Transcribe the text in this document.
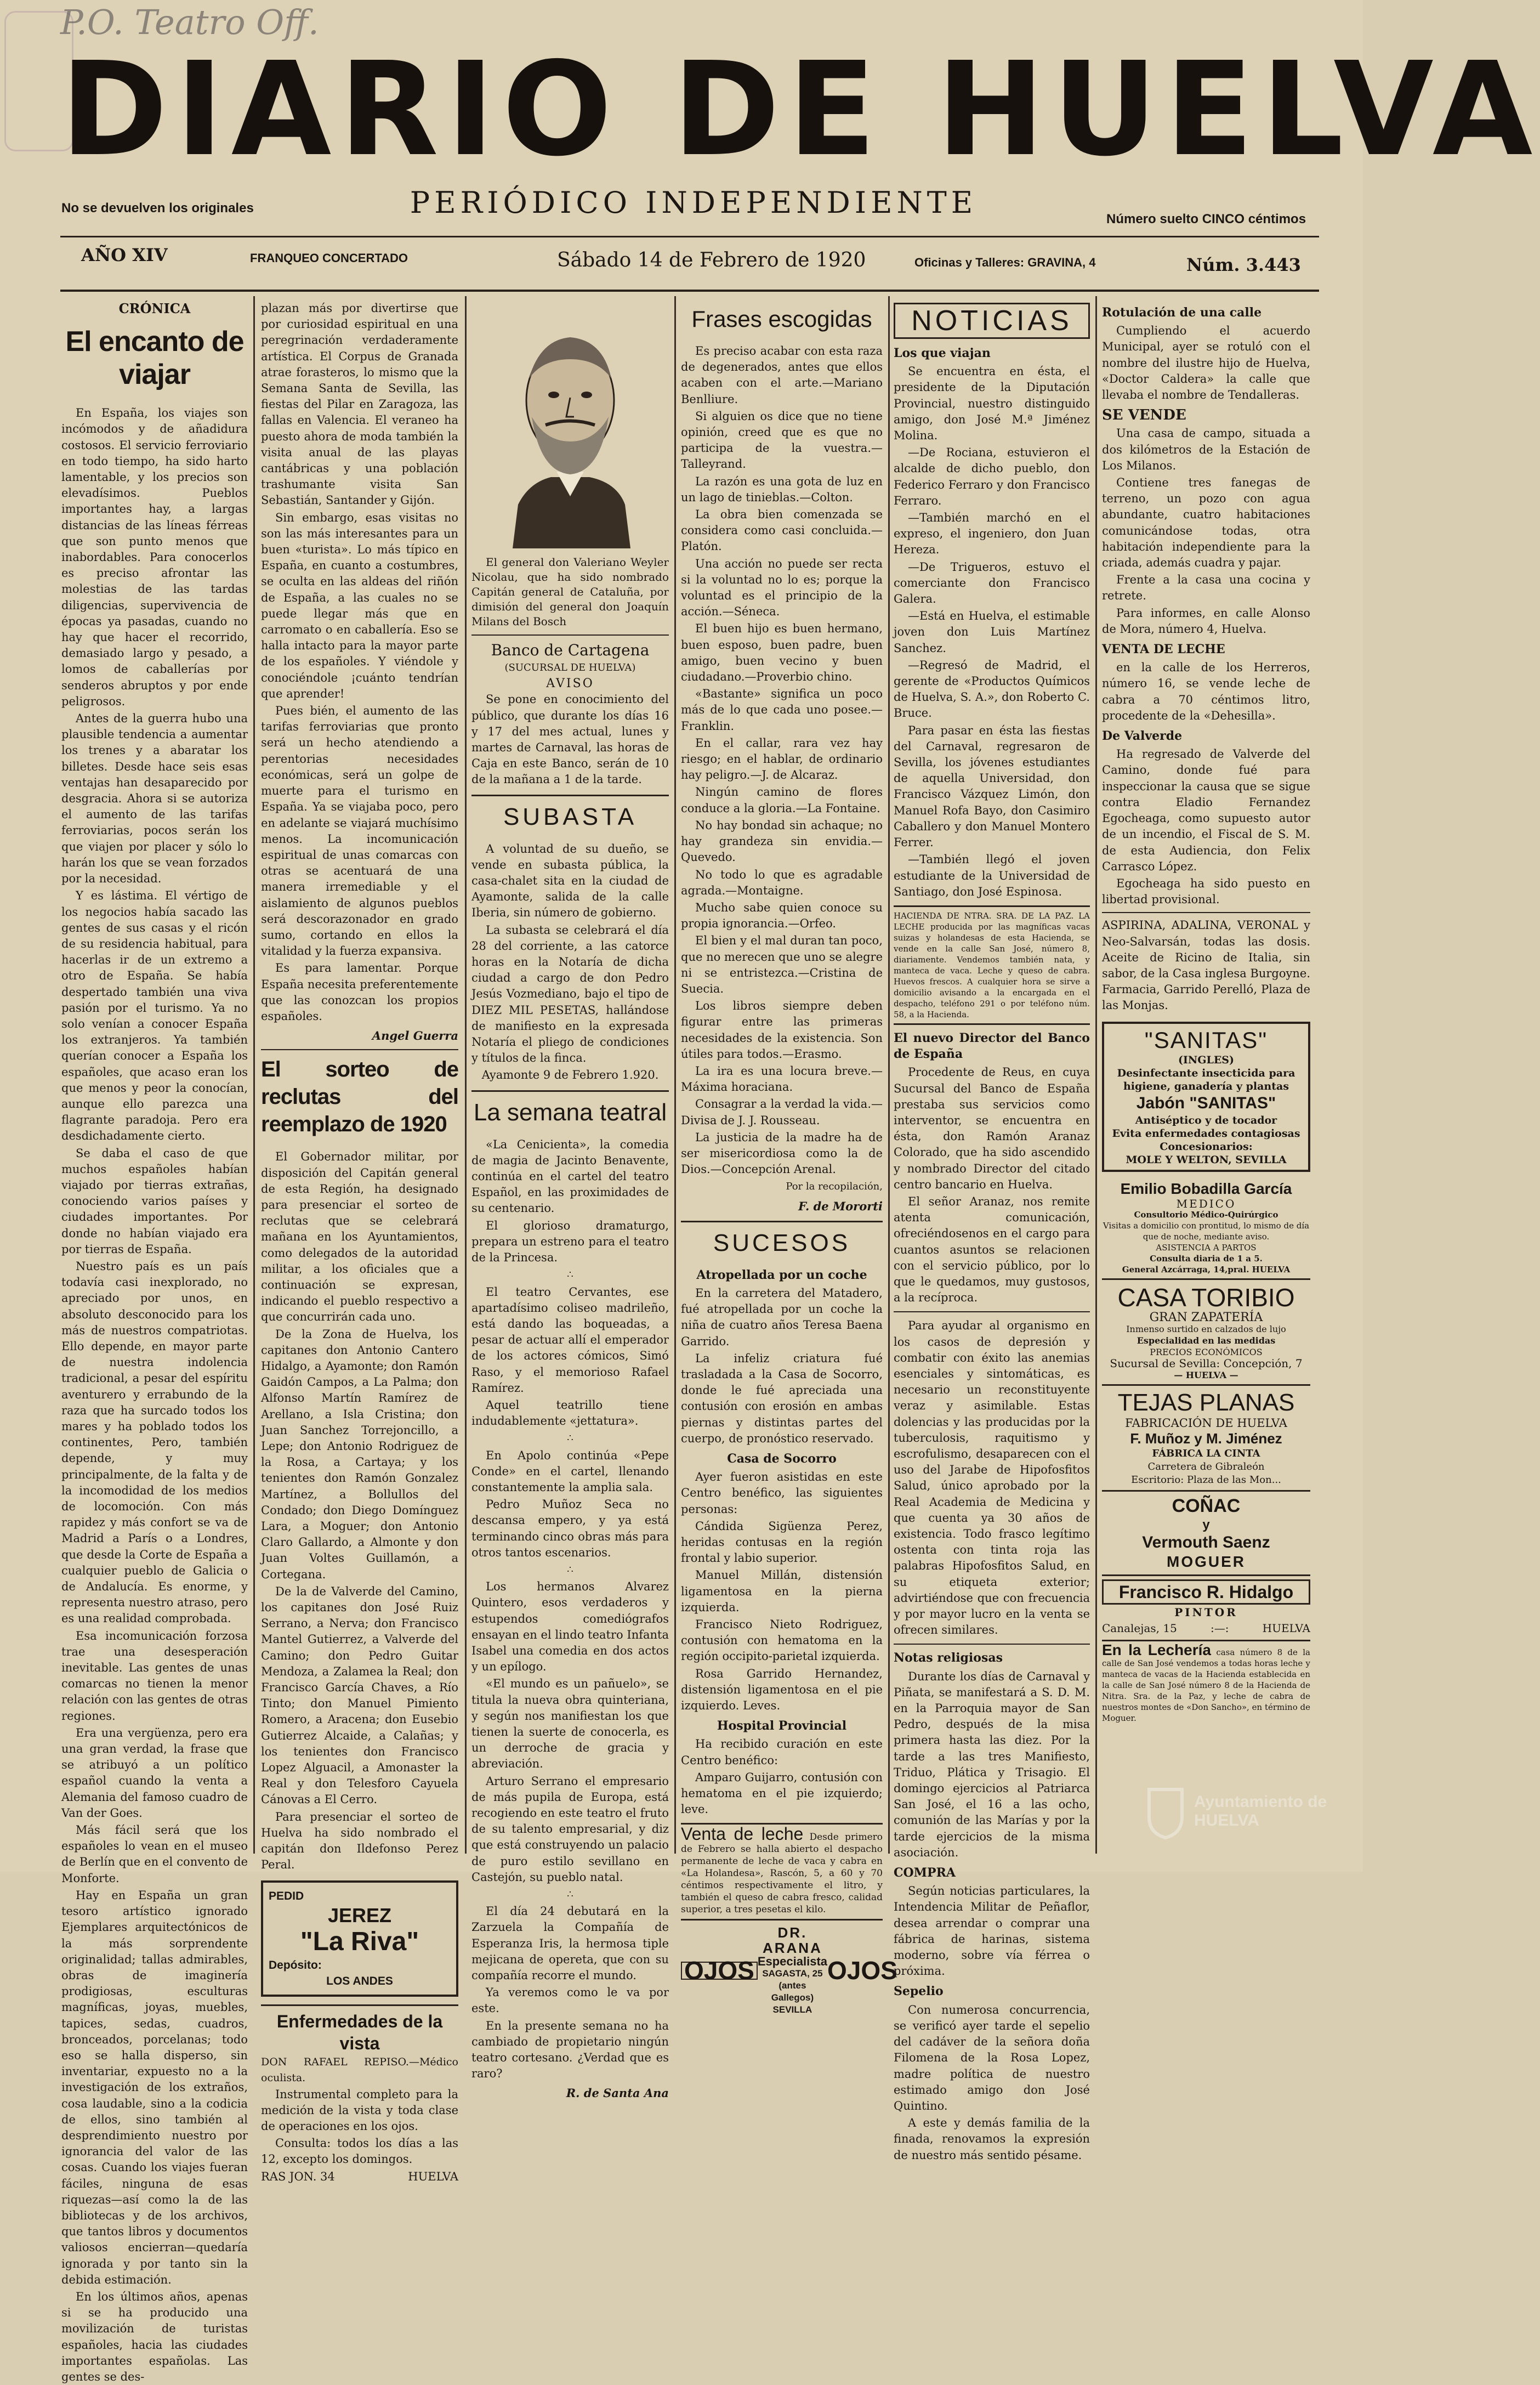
P.O. Teatro Off.
DIARIO DE HUELVA
PERIÓDICO INDEPENDIENTE
No se devuelven los originales
Número suelto CINCO céntimos
AÑO XIV	FRANQUEO CONCERTADO	Sábado 14 de Febrero de 1920	Oficinas y Talleres: GRAVINA, 4	Núm. 3.443
CRÓNICA
El encanto de viajar

En España, los viajes son incómodos y de añadidura costosos. El servicio ferroviario en todo tiempo, ha sido harto lamentable, y los precios son elevadísimos. Pueblos importantes hay, a largas distancias de las líneas férreas que son punto menos que inabordables. Para conocerlos es preciso afrontar las molestias de las tardas diligencias, supervivencia de épocas ya pasadas, cuando no hay que hacer el recorrido, demasiado largo y pesado, a lomos de caballerías por senderos abruptos y por ende peligrosos.

Antes de la guerra hubo una plausible tendencia a aumentar los trenes y a abaratar los billetes. Desde hace seis esas ventajas han desaparecido por desgracia. Ahora si se autoriza el aumento de las tarifas ferroviarias, pocos serán los que viajen por placer y sólo lo harán los que se vean forzados por la necesidad.

Y es lástima. El vértigo de los negocios había sacado las gentes de sus casas y el ricón de su residencia habitual, para hacerlas ir de un extremo a otro de España. Se había despertado también una viva pasión por el turismo. Ya no solo venían a conocer España los extranjeros. Ya también querían conocer a España los españoles, que acaso eran los que menos y peor la conocían, aunque ello parezca una flagrante paradoja. Pero era desdichadamente cierto.

Se daba el caso de que muchos españoles habían viajado por tierras extrañas, conociendo varios países y ciudades importantes. Por donde no habían viajado era por tierras de España.

Nuestro país es un país todavía casi inexplorado, no apreciado por unos, en absoluto desconocido para los más de nuestros compatriotas. Ello depende, en mayor parte de nuestra indolencia tradicional, a pesar del espíritu aventurero y errabundo de la raza que ha surcado todos los mares y ha poblado todos los continentes, Pero, también depende, y muy principalmente, de la falta y de la incomodidad de los medios de locomoción. Con más rapidez y más confort se va de Madrid a París o a Londres, que desde la Corte de España a cualquier pueblo de Galicia o de Andalucía. Es enorme, y representa nuestro atraso, pero es una realidad comprobada.

Esa incomunicación forzosa trae una desesperación inevitable. Las gentes de unas comarcas no tienen la menor relación con las gentes de otras regiones.

Era una vergüenza, pero era una gran verdad, la frase que se atribuyó a un político español cuando la venta a Alemania del famoso cuadro de Van der Goes.

Más fácil será que los españoles lo vean en el museo de Berlín que en el convento de Monforte.

Hay en España un gran tesoro artístico ignorado Ejemplares arquitectónicos de la más sorprendente originalidad; tallas admirables, obras de imaginería prodigiosas, esculturas magníficas, joyas, muebles, tapices, sedas, cuadros, bronceados, porcelanas; todo eso se halla disperso, sin inventariar, expuesto no a la investigación de los extraños, cosa laudable, sino a la codicia de ellos, sino también al desprendimiento nuestro por ignorancia del valor de las cosas. Cuando los viajes fueran fáciles, ninguna de esas riquezas—así como la de las bibliotecas y de los archivos, que tantos libros y documentos valiosos encierran—quedaría ignorada y por tanto sin la debida estimación.

En los últimos años, apenas si se ha producido una movilización de turistas españoles, hacia las ciudades importantes españolas. Las gentes se des-

plazan más por divertirse que por curiosidad espiritual en una peregrinación verdaderamente artística. El Corpus de Granada atrae forasteros, lo mismo que la Semana Santa de Sevilla, las fiestas del Pilar en Zaragoza, las fallas en Valencia. El veraneo ha puesto ahora de moda también la visita anual de las playas cantábricas y una población trashumante visita San Sebastián, Santander y Gijón.

Sin embargo, esas visitas no son las más interesantes para un buen «turista». Lo más típico en España, en cuanto a costumbres, se oculta en las aldeas del riñón de España, a las cuales no se puede llegar más que en carromato o en caballería. Eso se halla intacto para la mayor parte de los españoles. Y viéndole y conociéndole ¡cuánto tendrían que aprender!

Pues bién, el aumento de las tarifas ferroviarias que pronto será un hecho atendiendo a perentorias necesidades económicas, será un golpe de muerte para el turismo en España. Ya se viajaba poco, pero en adelante se viajará muchísimo menos. La incomunicación espiritual de unas comarcas con otras se acentuará de una manera irremediable y el aislamiento de algunos pueblos será descorazonador en grado sumo, cortando en ellos la vitalidad y la fuerza expansiva.

Es para lamentar. Porque España necesita preferentemente que las conozcan los propios españoles.

Angel Guerra
El sorteo de reclutas del reemplazo de 1920

El Gobernador militar, por disposición del Capitán general de esta Región, ha designado para presenciar el sorteo de reclutas que se celebrará mañana en los Ayuntamientos, como delegados de la autoridad militar, a los oficiales que a continuación se expresan, indicando el pueblo respectivo a que concurrirán cada uno.

De la Zona de Huelva, los capitanes don Antonio Cantero Hidalgo, a Ayamonte; don Ramón Gaidón Campos, a La Palma; don Alfonso Martín Ramírez de Arellano, a Isla Cristina; don Juan Sanchez Torrejoncillo, a Lepe; don Antonio Rodriguez de la Rosa, a Cartaya; y los tenientes don Ramón Gonzalez Martínez, a Bollullos del Condado; don Diego Domínguez Lara, a Moguer; don Antonio Claro Gallardo, a Almonte y don Juan Voltes Guillamón, a Cortegana.

De la de Valverde del Camino, los capitanes don José Ruiz Serrano, a Nerva; don Francisco Mantel Gutierrez, a Valverde del Camino; don Pedro Guitar Mendoza, a Zalamea la Real; don Francisco García Chaves, a Río Tinto; don Manuel Pimiento Romero, a Aracena; don Eusebio Gutierrez Alcaide, a Calañas; y los tenientes don Francisco Lopez Alguacil, a Amonaster la Real y don Telesforo Cayuela Cánovas a El Cerro.

Para presenciar el sorteo de Huelva ha sido nombrado el capitán don Ildefonso Perez Peral.

PEDID
JEREZ
"La Riva"
Depósito:
LOS ANDES
Enfermedades de la vista
DON RAFAEL REPISO.—Médico oculista.

Instrumental completo para la medición de la vista y toda clase de operaciones en los ojos.

Consulta: todos los días a las 12, excepto los domingos.

RAS JON. 34	HUELVA

El general don Valeriano Weyler Nicolau, que ha sido nombrado Capitán general de Cataluña, por dimisión del general don Joaquín Milans del Bosch

Banco de Cartagena
(SUCURSAL DE HUELVA)
AVISO

Se pone en conocimiento del público, que durante los días 16 y 17 del mes actual, lunes y martes de Carnaval, las horas de Caja en este Banco, serán de 10 de la mañana a 1 de la tarde.

SUBASTA

A voluntad de su dueño, se vende en subasta pública, la casa-chalet sita en la ciudad de Ayamonte, salida de la calle Iberia, sin número de gobierno.

La subasta se celebrará el día 28 del corriente, a las catorce horas en la Notaría de dicha ciudad a cargo de don Pedro Jesús Vozmediano, bajo el tipo de DIEZ MIL PESETAS, hallándose de manifiesto en la expresada Notaría el pliego de condiciones y títulos de la finca.

Ayamonte 9 de Febrero 1.920.

La semana teatral

«La Cenicienta», la comedia de magia de Jacinto Benavente, continúa en el cartel del teatro Español, en las proximidades de su centenario.

El glorioso dramaturgo, prepara un estreno para el teatro de la Princesa.

∴

El teatro Cervantes, ese apartadísimo coliseo madrileño, está dando las boqueadas, a pesar de actuar allí el emperador de los actores cómicos, Simó Raso, y el memorioso Rafael Ramírez.

Aquel teatrillo tiene indudablemente «jettatura».

∴

En Apolo continúa «Pepe Conde» en el cartel, llenando constantemente la amplia sala.

Pedro Muñoz Seca no descansa empero, y ya está terminando cinco obras más para otros tantos escenarios.

∴

Los hermanos Alvarez Quintero, esos verdaderos y estupendos comediógrafos ensayan en el lindo teatro Infanta Isabel una comedia en dos actos y un epílogo.

«El mundo es un pañuelo», se titula la nueva obra quinteriana, y según nos manifiestan los que tienen la suerte de conocerla, es un derroche de gracia y abreviación.

Arturo Serrano el empresario de más pupila de Europa, está recogiendo en este teatro el fruto de su talento empresarial, y diz que está construyendo un palacio de puro estilo sevillano en Castejón, su pueblo natal.

∴

El día 24 debutará en la Zarzuela la Compañía de Esperanza Iris, la hermosa tiple mejicana de opereta, que con su compañía recorre el mundo.

Ya veremos como le va por este.

En la presente semana no ha cambiado de propietario ningún teatro cortesano. ¿Verdad que es raro?

R. de Santa Ana
Frases escogidas

Es preciso acabar con esta raza de degenerados, antes que ellos acaben con el arte.—Mariano Benlliure.

Si alguien os dice que no tiene opinión, creed que es que no participa de la vuestra.—Talleyrand.

La razón es una gota de luz en un lago de tinieblas.—Colton.

La obra bien comenzada se considera como casi concluida.—Platón.

Una acción no puede ser recta si la voluntad no lo es; porque la voluntad es el principio de la acción.—Séneca.

El buen hijo es buen hermano, buen esposo, buen padre, buen amigo, buen vecino y buen ciudadano.—Proverbio chino.

«Bastante» significa un poco más de lo que cada uno posee.—Franklin.

En el callar, rara vez hay riesgo; en el hablar, de ordinario hay peligro.—J. de Alcaraz.

Ningún camino de flores conduce a la gloria.—La Fontaine.

No hay bondad sin achaque; no hay grandeza sin envidia.—Quevedo.

No todo lo que es agradable agrada.—Montaigne.

Mucho sabe quien conoce su propia ignorancia.—Orfeo.

El bien y el mal duran tan poco, que no merecen que uno se alegre ni se entristezca.—Cristina de Suecia.

Los libros siempre deben figurar entre las primeras necesidades de la existencia. Son útiles para todos.—Erasmo.

La ira es una locura breve.—Máxima horaciana.

Consagrar a la verdad la vida.—Divisa de J. J. Rousseau.

La justicia de la madre ha de ser misericordiosa como la de Dios.—Concepción Arenal.

Por la recopilación,
F. de Mororti
SUCESOS
Atropellada por un coche

En la carretera del Matadero, fué atropellada por un coche la niña de cuatro años Teresa Baena Garrido.

La infeliz criatura fué trasladada a la Casa de Socorro, donde le fué apreciada una contusión con erosión en ambas piernas y distintas partes del cuerpo, de pronóstico reservado.

Casa de Socorro

Ayer fueron asistidas en este Centro benéfico, las siguientes personas:

Cándida Sigüenza Perez, heridas contusas en la región frontal y labio superior.

Manuel Millán, distensión ligamentosa en la pierna izquierda.

Francisco Nieto Rodriguez, contusión con hematoma en la región occipito-parietal izquierda.

Rosa Garrido Hernandez, distensión ligamentosa en el pie izquierdo. Leves.

Hospital Provincial

Ha recibido curación en este Centro benéfico:

Amparo Guijarro, contusión con hematoma en el pie izquierdo; leve.

Venta de leche Desde primero de Febrero se halla abierto el despacho permanente de leche de vaca y cabra en «La Holandesa», Rascón, 5, a 60 y 70 céntimos respectivamente el litro, y también el queso de cabra fresco, calidad superior, a tres pesetas el kilo.
OJOS
DR. ARANA
Especialista
SAGASTA, 25
(antes Gallegos)
SEVILLA
OJOS
NOTICIAS
Los que viajan

Se encuentra en ésta, el presidente de la Diputación Provincial, nuestro distinguido amigo, don José M.ª Jiménez Molina.

—De Rociana, estuvieron el alcalde de dicho pueblo, don Federico Ferraro y don Francisco Ferraro.

—También marchó en el expreso, el ingeniero, don Juan Hereza.

—De Trigueros, estuvo el comerciante don Francisco Galera.

—Está en Huelva, el estimable joven don Luis Martínez Sanchez.

—Regresó de Madrid, el gerente de «Productos Químicos de Huelva, S. A.», don Roberto C. Bruce.

Para pasar en ésta las fiestas del Carnaval, regresaron de Sevilla, los jóvenes estudiantes de aquella Universidad, don Francisco Vázquez Limón, don Manuel Rofa Bayo, don Casimiro Caballero y don Manuel Montero Ferrer.

—También llegó el joven estudiante de la Universidad de Santiago, don José Espinosa.

HACIENDA DE NTRA. SRA. DE LA PAZ. LA LECHE producida por las magníficas vacas suizas y holandesas de esta Hacienda, se vende en la calle San José, número 8, diariamente. Vendemos también nata, y manteca de vaca. Leche y queso de cabra. Huevos frescos. A cualquier hora se sirve a domicilio avisando a la encargada en el despacho, teléfono 291 o por teléfono núm. 58, a la Hacienda.
El nuevo Director del Banco de España

Procedente de Reus, en cuya Sucursal del Banco de España prestaba sus servicios como interventor, se encuentra en ésta, don Ramón Aranaz Colorado, que ha sido ascendido y nombrado Director del citado centro bancario en Huelva.

El señor Aranaz, nos remite atenta comunicación, ofreciéndosenos en el cargo para cuantos asuntos se relacionen con el servicio público, por lo que le quedamos, muy gustosos, a la recíproca.

Para ayudar al organismo en los casos de depresión y combatir con éxito las anemias esenciales y sintomáticas, es necesario un reconstituyente veraz y asimilable. Estas dolencias y las producidas por la tuberculosis, raquitismo y escrofulismo, desaparecen con el uso del Jarabe de Hipofosfitos Salud, único aprobado por la Real Academia de Medicina y que cuenta ya 30 años de existencia. Todo frasco legítimo ostenta con tinta roja las palabras Hipofosfitos Salud, en su etiqueta exterior; advirtiéndose que con frecuencia y por mayor lucro en la venta se ofrecen similares.

Notas religiosas

Durante los días de Carnaval y Piñata, se manifestará a S. D. M. en la Parroquia mayor de San Pedro, después de la misa primera hasta las diez. Por la tarde a las tres Manifiesto, Triduo, Plática y Trisagio. El domingo ejercicios al Patriarca San José, el 16 a las ocho, comunión de las Marías y por la tarde ejercicios de la misma asociación.

COMPRA

Según noticias particulares, la Intendencia Militar de Peñaflor, desea arrendar o comprar una fábrica de harinas, sistema moderno, sobre vía férrea o próxima.

Sepelio

Con numerosa concurrencia, se verificó ayer tarde el sepelio del cadáver de la señora doña Filomena de la Rosa Lopez, madre política de nuestro estimado amigo don José Quintino.

A este y demás familia de la finada, renovamos la expresión de nuestro más sentido pésame.

Rotulación de una calle

Cumpliendo el acuerdo Municipal, ayer se rotuló con el nombre del ilustre hijo de Huelva, «Doctor Caldera» la calle que llevaba el nombre de Tendalleras.

SE VENDE

Una casa de campo, situada a dos kilómetros de la Estación de Los Milanos.

Contiene tres fanegas de terreno, un pozo con agua abundante, cuatro habitaciones comunicándose todas, otra habitación independiente para la criada, además cuadra y pajar.

Frente a la casa una cocina y retrete.

Para informes, en calle Alonso de Mora, número 4, Huelva.

VENTA DE LECHE

en la calle de los Herreros, número 16, se vende leche de cabra a 70 céntimos litro, procedente de la «Dehesilla».

De Valverde

Ha regresado de Valverde del Camino, donde fué para inspeccionar la causa que se sigue contra Eladio Fernandez Egocheaga, como supuesto autor de un incendio, el Fiscal de S. M. de esta Audiencia, don Felix Carrasco López.

Egocheaga ha sido puesto en libertad provisional.

ASPIRINA, ADALINA, VERONAL y Neo-Salvarsán, todas las dosis. Aceite de Ricino de Italia, sin sabor, de la Casa inglesa Burgoyne. Farmacia, Garrido Perelló, Plaza de las Monjas.

"SANITAS"
(INGLES)
Desinfectante insecticida para higiene, ganadería y plantas
Jabón "SANITAS"
Antiséptico y de tocador
Evita enfermedades contagiosas
Concesionarios:
MOLE Y WELTON, SEVILLA
Emilio Bobadilla García
MEDICO
Consultorio Médico-Quirúrgico
Visitas a domicilio con prontitud, lo mismo de día que de noche, mediante aviso.
ASISTENCIA A PARTOS
Consulta diaria de 1 a 5.
General Azcárraga, 14,pral. HUELVA
CASA TORIBIO
GRAN ZAPATERÍA
Inmenso surtido en calzados de lujo
Especialidad en las medidas
PRECIOS ECONÓMICOS
Sucursal de Sevilla: Concepción, 7
— HUELVA —
TEJAS PLANAS
FABRICACIÓN DE HUELVA
F. Muñoz y M. Jiménez
FÁBRICA LA CINTA
Carretera de Gibraleón
Escritorio: Plaza de las Mon...
COÑAC
y
Vermouth Saenz
MOGUER
Francisco R. Hidalgo
PINTOR
Canalejas, 15	:—:	HUELVA
En la Lechería casa número 8 de la calle de San José vendemos a todas horas leche y manteca de vacas de la Hacienda establecida en la calle de San José número 8 de la Hacienda de Nitra. Sra. de la Paz, y leche de cabra de nuestros montes de «Don Sancho», en término de Moguer.
Ayuntamiento de HUELVA
